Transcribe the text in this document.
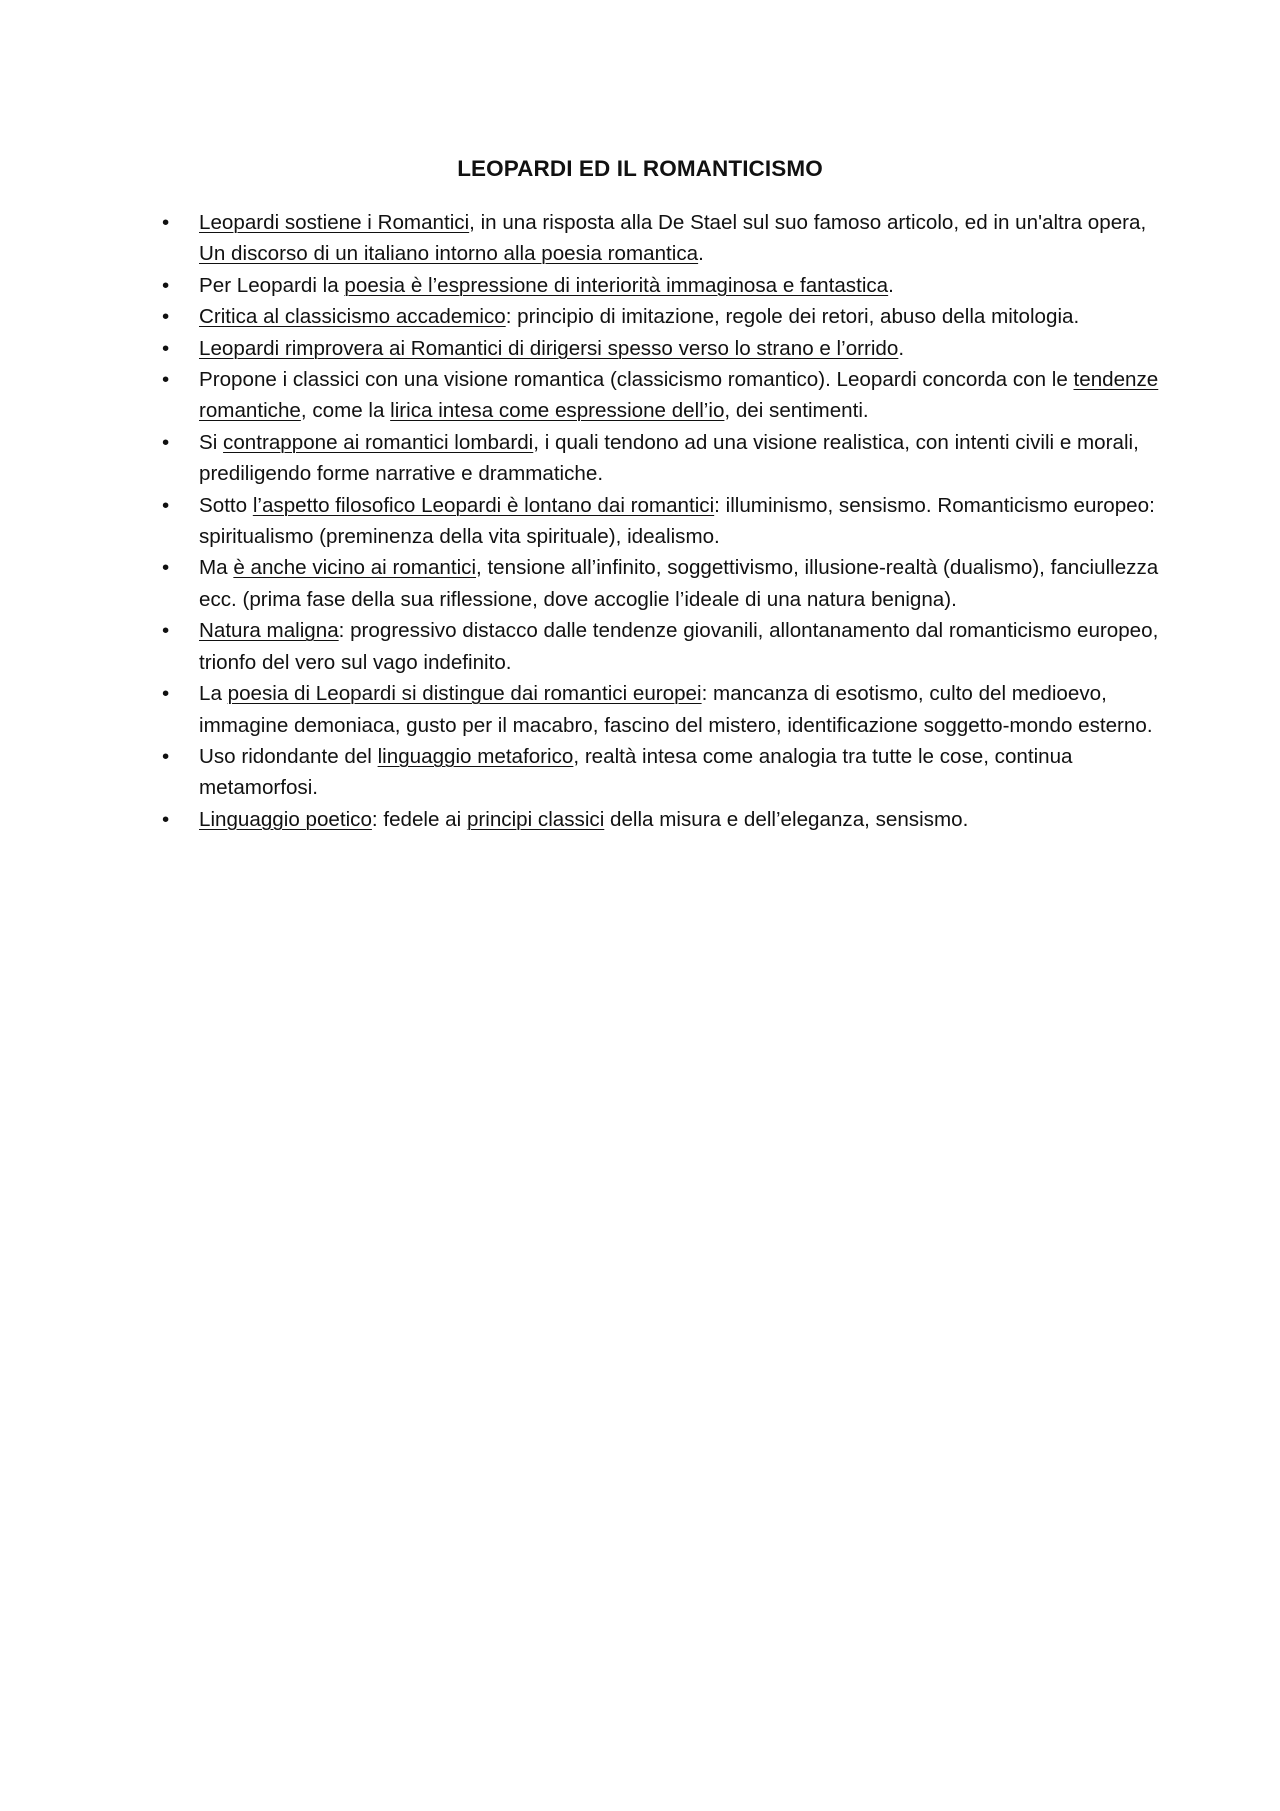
LEOPARDI ED IL ROMANTICISMO
•	Leopardi sostiene i Romantici, in una risposta alla De Stael sul suo famoso articolo, ed in un'altra opera, Un discorso di un italiano intorno alla poesia romantica.
•	Per Leopardi la poesia è l’espressione di interiorità immaginosa e fantastica.
•	Critica al classicismo accademico: principio di imitazione, regole dei retori, abuso della mitologia.
•	Leopardi rimprovera ai Romantici di dirigersi spesso verso lo strano e l’orrido.
•	Propone i classici con una visione romantica (classicismo romantico). Leopardi concorda con le tendenze romantiche, come la lirica intesa come espressione dell’io, dei sentimenti.
•	Si contrappone ai romantici lombardi, i quali tendono ad una visione realistica, con intenti civili e morali, prediligendo forme narrative e drammatiche.
•	Sotto l’aspetto filosofico Leopardi è lontano dai romantici: illuminismo, sensismo. Romanticismo europeo: spiritualismo (preminenza della vita spirituale), idealismo.
•	Ma è anche vicino ai romantici, tensione all’infinito, soggettivismo, illusione-realtà (dualismo), fanciullezza ecc. (prima fase della sua riflessione, dove accoglie l’ideale di una natura benigna).
•	Natura maligna: progressivo distacco dalle tendenze giovanili, allontanamento dal romanticismo europeo, trionfo del vero sul vago indefinito.
•	La poesia di Leopardi si distingue dai romantici europei: mancanza di esotismo, culto del medioevo, immagine demoniaca, gusto per il macabro, fascino del mistero, identificazione soggetto-mondo esterno.
•	Uso ridondante del linguaggio metaforico, realtà intesa come analogia tra tutte le cose, continua metamorfosi.
•	Linguaggio poetico: fedele ai principi classici della misura e dell’eleganza, sensismo.
